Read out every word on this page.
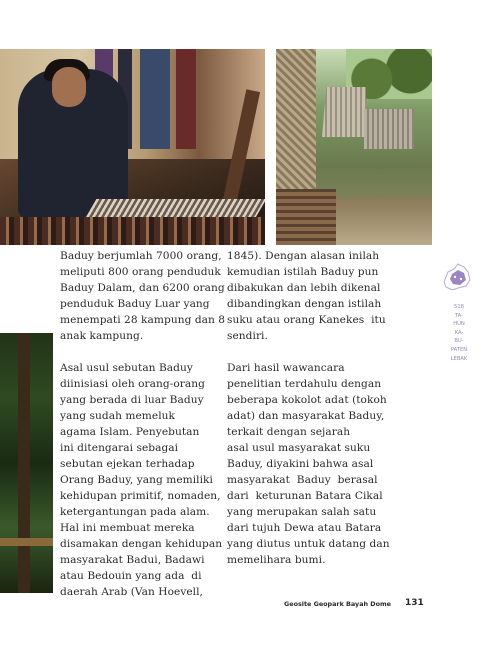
Baduy berjumlah 7000 orang,

meliputi 800 orang penduduk

Baduy Dalam, dan 6200 orang

penduduk Baduy Luar yang

menempati 28 kampung dan 8

anak kampung.

Asal usul sebutan Baduy

diinisiasi oleh orang-orang

yang berada di luar Baduy

yang sudah memeluk

agama Islam. Penyebutan

ini ditengarai sebagai

sebutan ejekan terhadap

Orang Baduy, yang memiliki

kehidupan primitif, nomaden,

ketergantungan pada alam.

Hal ini membuat mereka

disamakan dengan kehidupan

masyarakat Badui, Badawi

atau Bedouin yang ada  di

daerah Arab (Van Hoevell,

1845). Dengan alasan inilah

kemudian istilah Baduy pun

dibakukan dan lebih dikenal

dibandingkan dengan istilah

suku atau orang Kanekes  itu

sendiri.

Dari hasil wawancara

penelitian terdahulu dengan

beberapa kokolot adat (tokoh

adat) dan masyarakat Baduy,

terkait dengan sejarah

asal usul masyarakat suku

Baduy, diyakini bahwa asal

masyarakat  Baduy  berasal

dari  keturunan Batara Cikal

yang merupakan salah satu

dari tujuh Dewa atau Batara

yang diutus untuk datang dan

memelihara bumi.

518
TA-
HUN
KA-
BU-
PATEN
LEBAK
Geosite Geopark Bayah Dome 131
